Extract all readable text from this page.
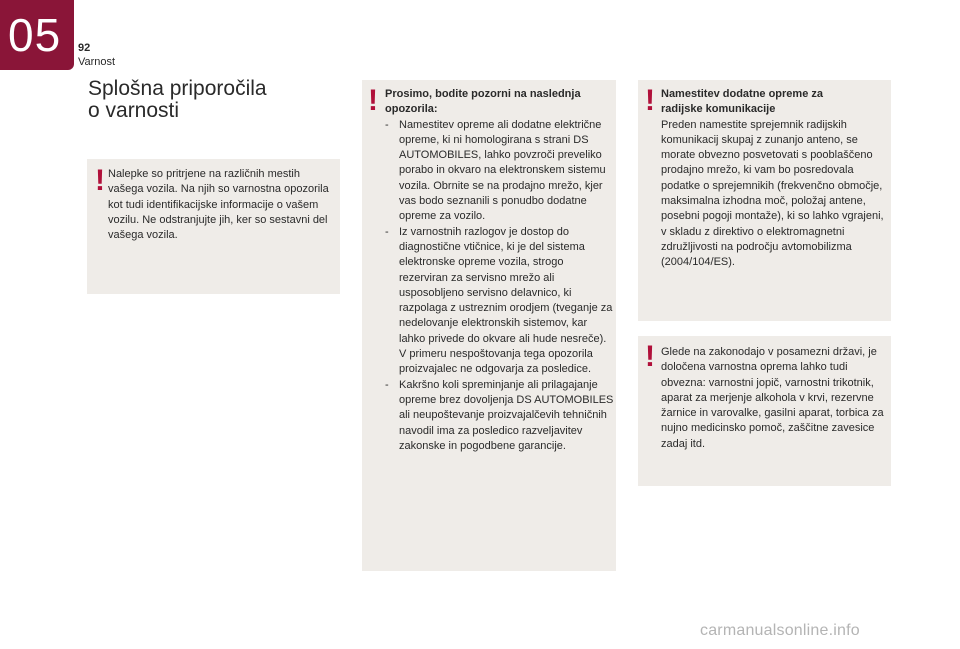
05 92
Varnost
Splošna priporočila
o varnosti
! Nalepke so pritrjene na različnih mestih vašega vozila. Na njih so varnostna opozorila kot tudi identifikacijske informacije o vašem vozilu. Ne odstranjujte jih, ker so sestavni del vašega vozila.
! Prosimo, bodite pozorni na naslednja
opozorila:
- Namestitev opreme ali dodatne električne opreme, ki ni homologirana s strani DS AUTOMOBILES, lahko povzroči preveliko porabo in okvaro na elektronskem sistemu vozila. Obrnite se na prodajno mrežo, kjer vas bodo seznanili s ponudbo dodatne opreme za vozilo.
- Iz varnostnih razlogov je dostop do diagnostične vtičnice, ki je del sistema elektronske opreme vozila, strogo rezerviran za servisno mrežo ali usposobljeno servisno delavnico, ki razpolaga z ustreznim orodjem (tveganje za nedelovanje elektronskih sistemov, kar lahko privede do okvare ali hude nesreče). V primeru nespoštovanja tega opozorila proizvajalec ne odgovarja za posledice.
- Kakršno koli spreminjanje ali prilagajanje opreme brez dovoljenja DS AUTOMOBILES ali neupoštevanje proizvajalčevih tehničnih navodil ima za posledico razveljavitev zakonske in pogodbene garancije.
! Namestitev dodatne opreme za
radijske komunikacije
Preden namestite sprejemnik radijskih komunikacij skupaj z zunanjo anteno, se morate obvezno posvetovati s pooblaščeno prodajno mrežo, ki vam bo posredovala podatke o sprejemnikih (frekvenčno območje, maksimalna izhodna moč, položaj antene, posebni pogoji montaže), ki so lahko vgrajeni, v skladu z direktivo o elektromagnetni združljivosti na področju avtomobilizma (2004/104/ES).
! Glede na zakonodajo v posamezni državi, je določena varnostna oprema lahko tudi obvezna: varnostni jopič, varnostni trikotnik, aparat za merjenje alkohola v krvi, rezervne žarnice in varovalke, gasilni aparat, torbica za nujno medicinsko pomoč, zaščitne zavesice zadaj itd.
carmanualsonline.info
